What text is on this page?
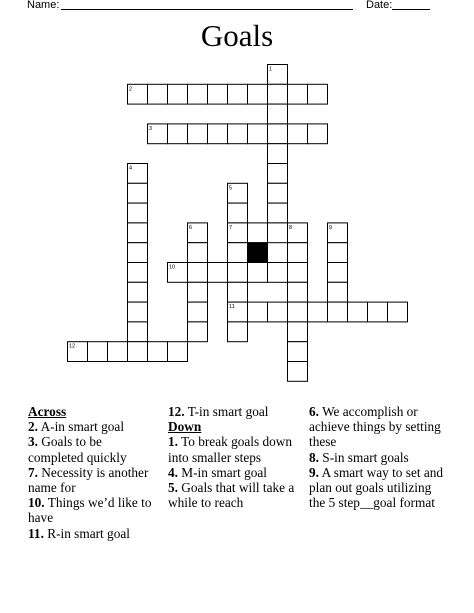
Name:	Date:
Goals
1
2
3
4
5
6	7	8	9
10
11
12

Across

2. A-in smart goal

3. Goals to be completed quickly

7. Necessity is another name for

10. Things we’d like to have

11. R-in smart goal

12. T-in smart goal

Down

1. To break goals down into smaller steps

4. M-in smart goal

5. Goals that will take a while to reach

6. We accomplish or achieve things by setting these

8. S-in smart goals

9. A smart way to set and plan out goals utilizing the 5 step__goal format
